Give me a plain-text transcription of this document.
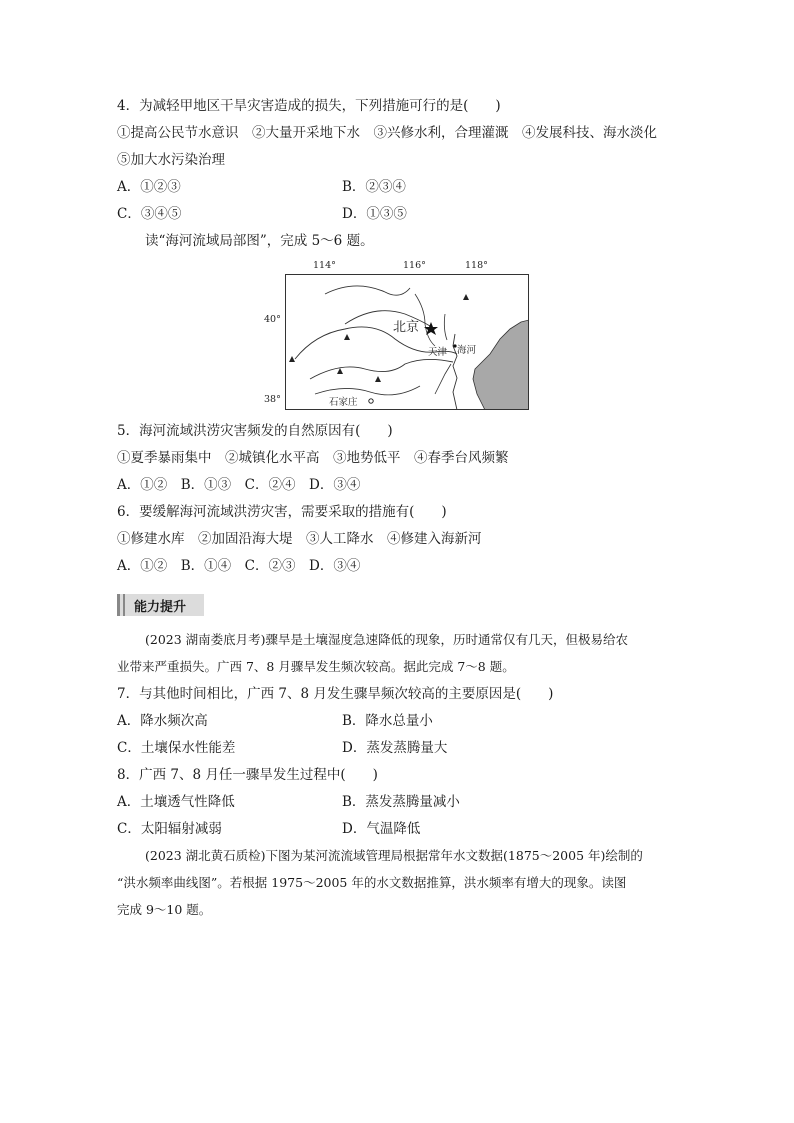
4．为减轻甲地区干旱灾害造成的损失，下列措施可行的是(　　)
①提高公民节水意识　②大量开采地下水　③兴修水利，合理灌溉　④发展科技、海水淡化
⑤加大水污染治理
A．①②③	B．②③④
C．③④⑤	D．①③⑤
读“海河流域局部图”，完成 5～6 题。
114°	116°	118°
40°
38°
北京
天津 海河
石家庄
5．海河流域洪涝灾害频发的自然原因有(　　)
①夏季暴雨集中　②城镇化水平高　③地势低平　④春季台风频繁
A．①②　B．①③　C．②④　D．③④
6．要缓解海河流域洪涝灾害，需要采取的措施有(　　)
①修建水库　②加固沿海大堤　③人工降水　④修建入海新河
A．①②　B．①④　C．②③　D．③④
能力提升
(2023 湖南娄底月考)骤旱是土壤湿度急速降低的现象，历时通常仅有几天，但极易给农
业带来严重损失。广西 7、8 月骤旱发生频次较高。据此完成 7～8 题。
7．与其他时间相比，广西 7、8 月发生骤旱频次较高的主要原因是(　　)
A．降水频次高	B．降水总量小
C．土壤保水性能差	D．蒸发蒸腾量大
8．广西 7、8 月任一骤旱发生过程中(　　)
A．土壤透气性降低	B．蒸发蒸腾量减小
C．太阳辐射减弱	D．气温降低
(2023 湖北黄石质检)下图为某河流流域管理局根据常年水文数据(1875～2005 年)绘制的
“洪水频率曲线图”。若根据 1975～2005 年的水文数据推算，洪水频率有增大的现象。读图
完成 9～10 题。
